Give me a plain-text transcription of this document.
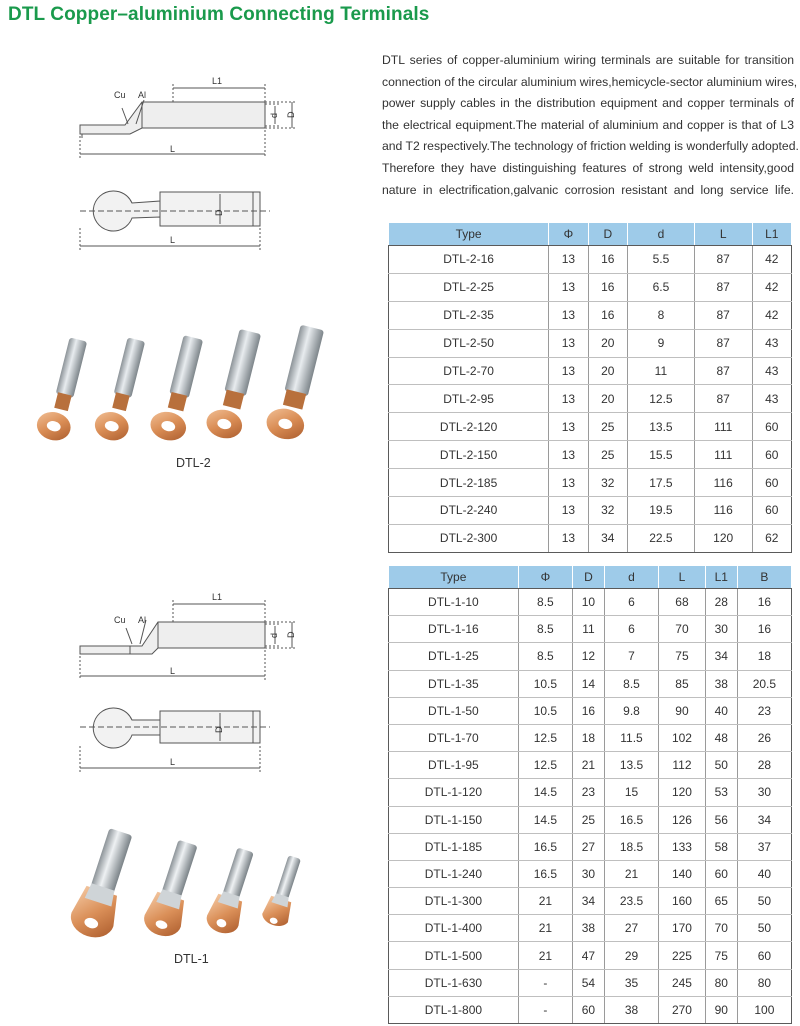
DTL Copper–aluminium Connecting Terminals
DTL series of copper-aluminium wiring terminals are suitable for transition
connection of the circular aluminium wires,hemicycle-sector aluminium wires,
power supply cables in the distribution equipment and copper terminals of
the electrical equipment.The material of aluminium and copper is that of L3
and T2 respectively.The technology of friction welding is wonderfully adopted.
Therefore they have distinguishing features of strong weld intensity,good
nature in electrification,galvanic corrosion resistant and long service life.
Cu Al
L1
L
d D
D
L
DTL-2
Type	Φ	D	d	L	L1
DTL-2-16	13	16	5.5	87	42
DTL-2-25	13	16	6.5	87	42
DTL-2-35	13	16	8	87	42
DTL-2-50	13	20	9	87	43
DTL-2-70	13	20	11	87	43
DTL-2-95	13	20	12.5	87	43
DTL-2-120	13	25	13.5	111	60
DTL-2-150	13	25	15.5	111	60
DTL-2-185	13	32	17.5	116	60
DTL-2-240	13	32	19.5	116	60
DTL-2-300	13	34	22.5	120	62
Cu Al
L1
L
d D
D
L
DTL-1
Type	Φ	D	d	L	L1	B
DTL-1-10	8.5	10	6	68	28	16
DTL-1-16	8.5	11	6	70	30	16
DTL-1-25	8.5	12	7	75	34	18
DTL-1-35	10.5	14	8.5	85	38	20.5
DTL-1-50	10.5	16	9.8	90	40	23
DTL-1-70	12.5	18	11.5	102	48	26
DTL-1-95	12.5	21	13.5	112	50	28
DTL-1-120	14.5	23	15	120	53	30
DTL-1-150	14.5	25	16.5	126	56	34
DTL-1-185	16.5	27	18.5	133	58	37
DTL-1-240	16.5	30	21	140	60	40
DTL-1-300	21	34	23.5	160	65	50
DTL-1-400	21	38	27	170	70	50
DTL-1-500	21	47	29	225	75	60
DTL-1-630	-	54	35	245	80	80
DTL-1-800	-	60	38	270	90	100
